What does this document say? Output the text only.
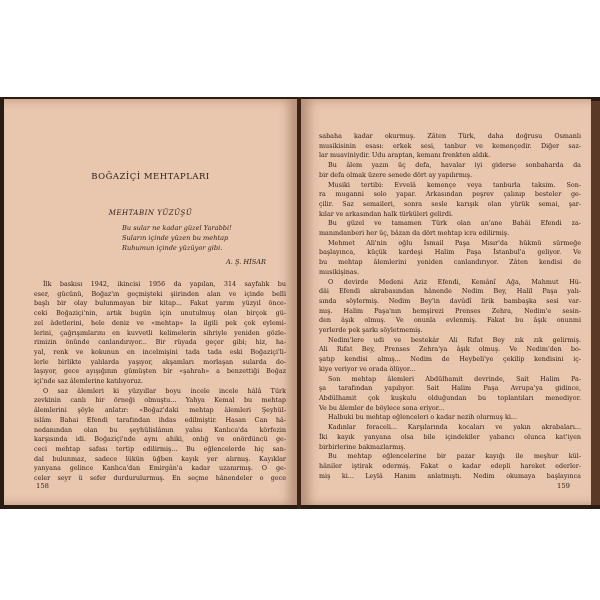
BOĞAZİÇİ MEHTAPLARI
MEHTABIN YÜZÜŞÜ
Bu sular ne kadar güzel Yarabbi!
Suların içinde yüzen bu mehtap
Ruhumun içinde yüzüyor gibi.
A. Ş. HİSAR
İlk baskısı 1942, ikincisi 1956 da yapılan, 314 sayfalık bu
eser, gücünü, Boğaz'ın geçmişteki şiirinden alan ve içinde belli
başlı bir olay bulunmayan bir kitap... Fakat yarım yüzyıl önce-
ceki Boğaziçi'nin, artık bugün için unutulmuş olan birçok gü-
zel âdetlerini, hele deniz ve «mehtap» la ilgili pek çok eylemi-
lerini, çağrışımlarını en kuvvetli kelimelerin sihriyle yeniden gözle-
rimizin önünde canlandırıyor... Bir rüyada geçer gibi; hiz, ha-
yal, renk ve kokunun en incelmişini tada tada eski Boğaziçi'li-
lerle birlikte yalılarda yaşıyor, akşamları morlaşan sularda do-
laşıyor, gece ayışığının gümüşten bir «şahrah» a benzettiği Boğaz
içi'nde saz âlemlerine katılıyoruz.
O saz âlemleri ki yüzyıllar boyu incele incele hâlâ Türk
zevkinin canlı bir örneği olmuştu... Yahya Kemal bu mehtap
âlemlerini şöyle anlatır: «Boğaz'daki mehtap âlemleri Şeyhül-
islâm Bahai Efendi tarafından ihdas edilmiştir. Hasan Can hâ-
nedanından olan bu şeyhülislâmın yalısı Kanlıca'da körfezin
karşısında idi. Boğaziçi'nde aynı ahiki, onlığ ve onördüncü ge-
ceci mehtap safası tertip edilirmiş... Bu eğlencelerde hiç san-
dal bulunmaz, sadece lükün üğben kayık yer alırmış. Kayıklar
yanyana gelince Kanlıca'dan Emirgân'a kadar uzanırmış. O ge-
celer seyr ü sefer durdurulurmuş. En seçme hânendeler o gece
158
sabaha kadar okurmuş. Zâten Türk, daha doğrusu Osmanlı
musikisinin esası: erkek sesi, tanbur ve kemençedir. Diğer saz-
lar muaviniydir. Udu araptan, kemanı frenkten aldık.
Bu âlem yazın üç defa, havalar iyi giderse sonbaharda da
bir defa olmak üzere senede dört ay yapılırmış.
Musiki tertibi: Evvelâ kemençe veya tanburla taksim. Son-
ra muganni solo yapar. Arkasından peşrev çalınıp besteler ge-
çilir. Saz semaileri, sonra sesle karışık olan yürük semai, şar-
kılar ve arkasından halk türküleri gelirdi.
Bu güzel ve tamamen Türk olan an'ane Bahâi Efendi za-
manındanberi her üç, bâzan da dört mehtap icra edilirmiş.
Mehmet Ali'nin oğlu İsmail Paşa Mısır'da hükmü sürmeğe
başlayınca, küçük kardeşi Halim Paşa İstanbul'a geliyor. Ve
bu mehtap âlemlerini yeniden canlandırıyor. Zâten kendisi de
musikişinas.
O devirde Medeni Aziz Efendi, Kemânî Ağa, Mahmut Hü-
dâi Efendi akrabasından hânende Nedim Bey, Halil Paşa yalı-
sında söylermiş. Nedim Bey'in davûdî lirik bambaşka sesi var-
mış. Halim Paşa'nın hemşirezi Prenses Zehra, Nedim'e sesin-
den âşık olmuş. Ve onunla evlenmiş. Fakat bu âşık onunmi
yerlerde pek şarkı söyletmemiş.
Nedim'lere udi ve bestekâr Ali Rıfat Bey zık zık gelirmiş.
Ali Rıfat Bey, Prenses Zehra'ya âşık olmuş. Ve Nedim'den bo-
şatıp kendisi almış... Nedim de Heybeli'ye çekilip kendisini iç-
kiye veriyor ve orada ölüyor...
Son mehtap âlemleri Abdülhamit devrinde, Sait Halim Pa-
şa tarafından yapılıyor. Sait Halim Paşa Avrupa'ya gidince,
Abdülhamit çok kuşkulu olduğundan bu toplantıları menediyor.
Ve bu âlemler de böylece sona eriyor...
Halbuki bu mehtap eğlenceleri o kadar nezih olurmuş ki...
Kadınlar feraceli... Karşılarında kocaları ve yakın akrabaları...
İki kayık yanyana olsa bile içindekiler yabancı olunca kat'iyen
birbirlerine bakmazlarmış.
Bu mehtap eğlencelerine bir pazar kayığı ile meşhur kül-
hâniler iştirak edermiş. Fakat o kadar edepli hareket ederler-
miş ki... Leylâ Hanım anlatmıştı. Nedim okumaya başlayınca
159
